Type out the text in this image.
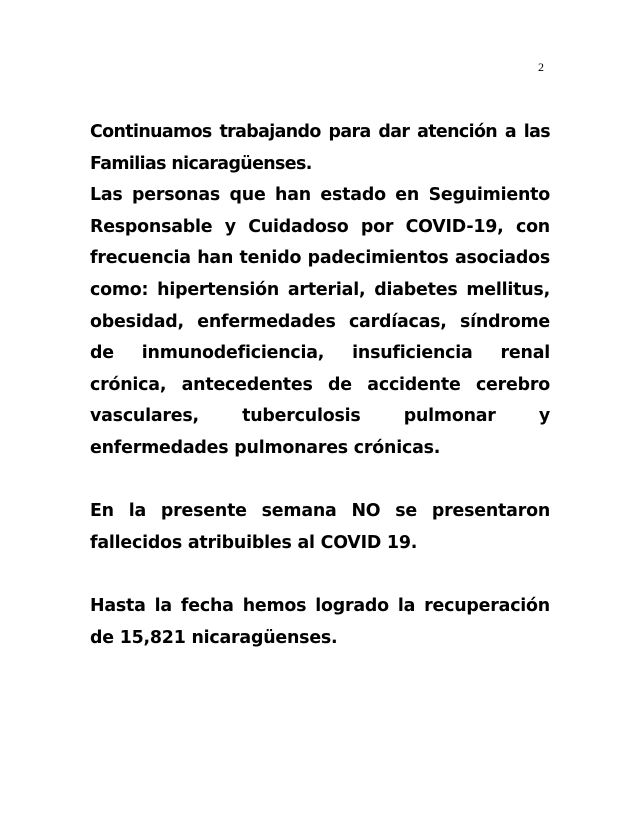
2

Continuamos trabajando para dar atención a las Familias nicaragüenses.

Las personas que han estado en Seguimiento Responsable y Cuidadoso por COVID-19, con frecuencia han tenido padecimientos asociados como: hipertensión arterial, diabetes mellitus, obesidad, enfermedades cardíacas, síndrome de inmunodeficiencia, insuficiencia renal crónica, antecedentes de accidente cerebro vasculares, tuberculosis pulmonar y enfermedades pulmonares crónicas.

En la presente semana NO se presentaron fallecidos atribuibles al COVID 19.

Hasta la fecha hemos logrado la recuperación de 15,821 nicaragüenses.
